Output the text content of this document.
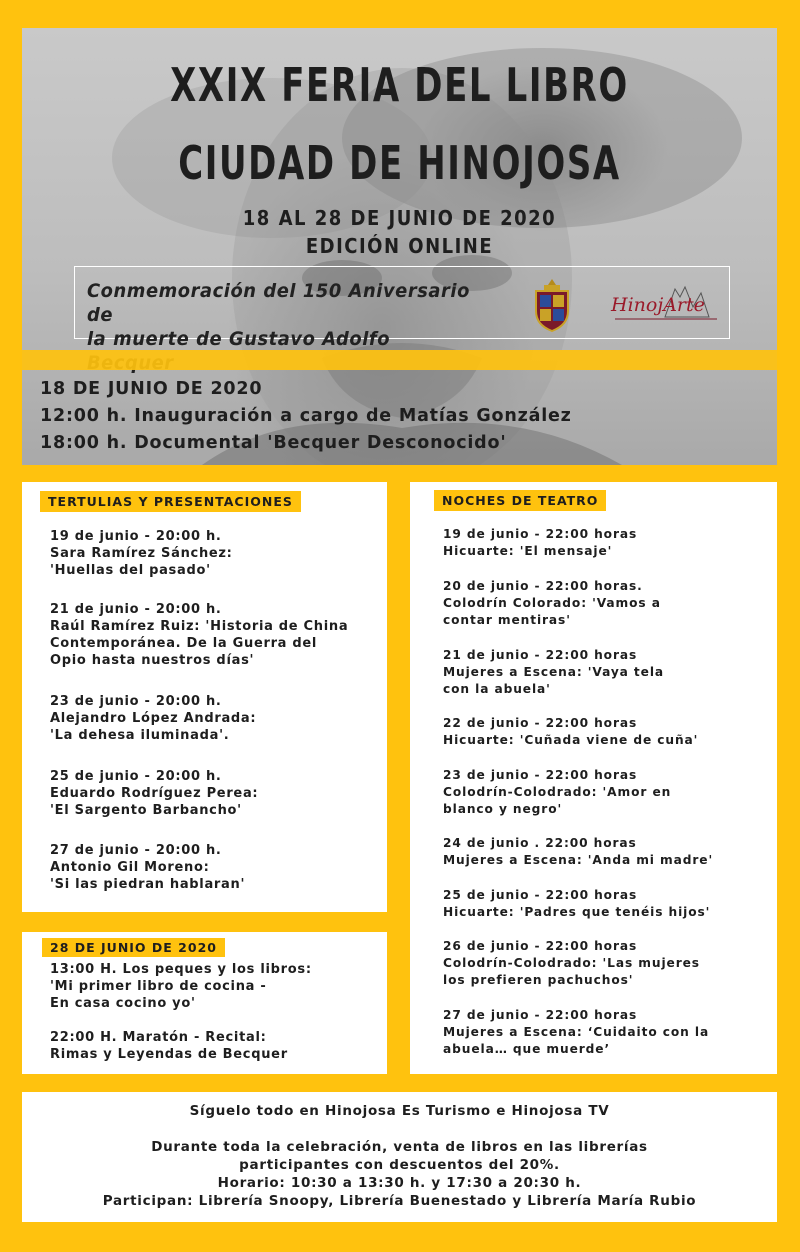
XXIX FERIA DEL LIBRO
CIUDAD DE HINOJOSA
18 AL 28 DE JUNIO DE 2020
EDICIÓN ONLINE
Conmemoración del 150 Aniversario de
la muerte de Gustavo Adolfo
HinojArte
18 DE JUNIO DE 2020
12:00 h. Inauguración a cargo de Matías González
18:00 h. Documental 'Becquer Desconocido'
TERTULIAS Y PRESENTACIONES
19 de junio - 20:00 h.
Sara Ramírez Sánchez:
'Huellas del pasado'
21 de junio - 20:00 h.
Raúl Ramírez Ruiz: 'Historia de China
Contemporánea. De la Guerra del
Opio hasta nuestros días'
23 de junio - 20:00 h.
Alejandro López Andrada:
'La dehesa iluminada'.
25 de junio - 20:00 h.
Eduardo Rodríguez Perea:
'El Sargento Barbancho'
27 de junio - 20:00 h.
Antonio Gil Moreno:
'Si las piedran hablaran'
28 DE JUNIO DE 2020
13:00 H. Los peques y los libros:
'Mi primer libro de cocina -
En casa cocino yo'
22:00 H. Maratón - Recital:
Rimas y Leyendas de Becquer
NOCHES DE TEATRO
19 de junio - 22:00 horas
Hicuarte: 'El mensaje'
20 de junio - 22:00 horas.
Colodrín Colorado: 'Vamos a
contar mentiras'
21 de junio - 22:00 horas
Mujeres a Escena: 'Vaya tela
con la abuela'
22 de junio - 22:00 horas
Hicuarte: 'Cuñada viene de cuña'
23 de junio - 22:00 horas
Colodrín-Colodrado: 'Amor en
blanco y negro'
24 de junio . 22:00 horas
Mujeres a Escena: 'Anda mi madre'
25 de junio - 22:00 horas
Hicuarte: 'Padres que tenéis hijos'
26 de junio - 22:00 horas
Colodrín-Colodrado: 'Las mujeres
los prefieren pachuchos'
27 de junio - 22:00 horas
Mujeres a Escena: ‘Cuidaito con la
abuela… que muerde’
Síguelo todo en Hinojosa Es Turismo e Hinojosa TV
Durante toda la celebración, venta de libros en las librerías
participantes con descuentos del 20%.
Horario: 10:30 a 13:30 h. y 17:30 a 20:30 h.
Participan: Librería Snoopy, Librería Buenestado y Librería María Rubio
